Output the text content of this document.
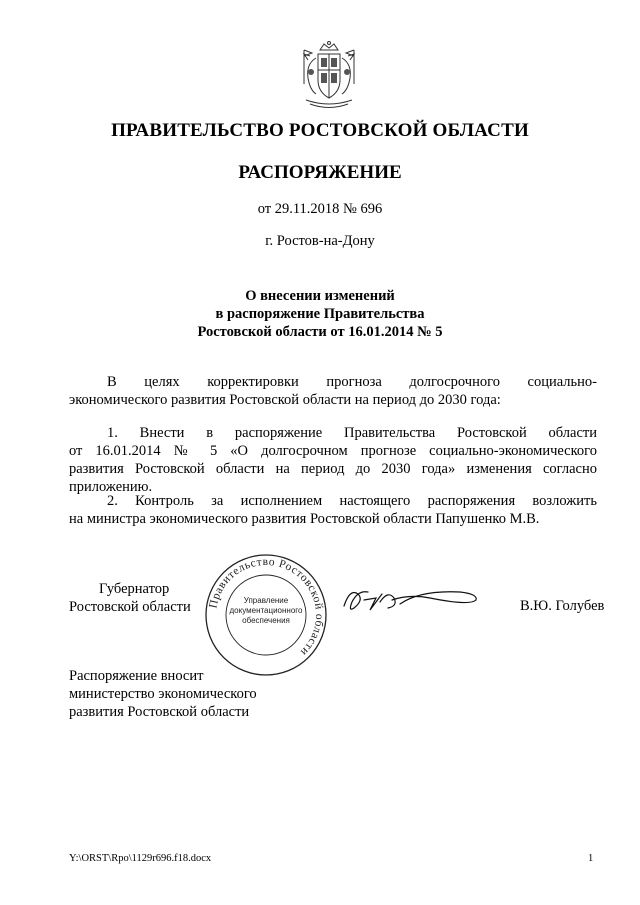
ПРАВИТЕЛЬСТВО РОСТОВСКОЙ ОБЛАСТИ
РАСПОРЯЖЕНИЕ
от 29.11.2018 № 696
г. Ростов-на-Дону
О внесении изменений
в распоряжение Правительства
Ростовской области от 16.01.2014 № 5
В целях корректировки прогноза долгосрочного социально-
экономического развития Ростовской области на период до 2030 года:
1. Внести в распоряжение Правительства Ростовской области
от 16.01.2014 № 5 «О долгосрочном прогнозе социально-экономического
развития Ростовской области на период до 2030 года» изменения согласно
приложению.
2. Контроль за исполнением настоящего распоряжения возложить
на министра экономического развития Ростовской области Папушенко М.В.
Губернатор
Ростовской области Правительство Ростовской области
Управление документационного обеспечения
В.Ю. Голубев
Распоряжение вносит
министерство экономического
развития Ростовской области
Y:\ORST\Rpo\1129r696.f18.docx	1
